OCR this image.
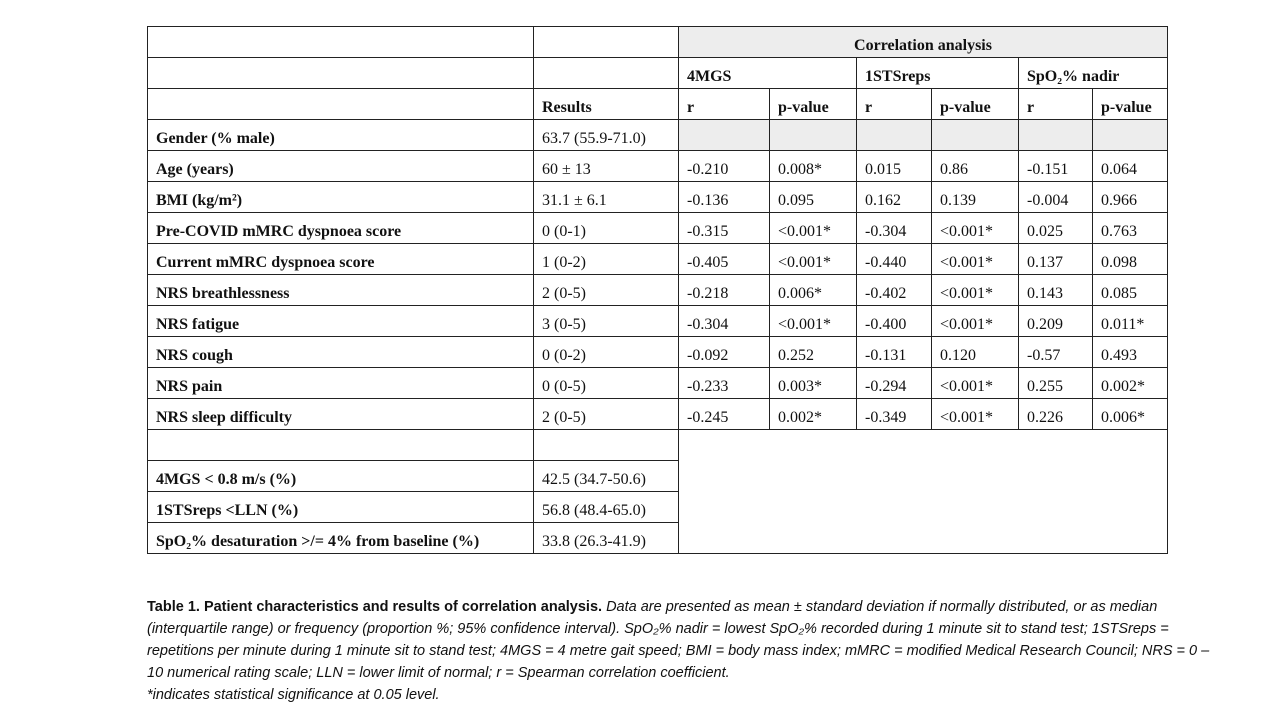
		Correlation analysis					
		4MGS		1STSreps		SpO₂% nadir	
	Results	r	p-value	r	p-value	r	p-value
Gender (% male)	63.7 (55.9-71.0)						
Age (years)	60 ± 13	-0.210	0.008*	0.015	0.86	-0.151	0.064
BMI (kg/m²)	31.1 ± 6.1	-0.136	0.095	0.162	0.139	-0.004	0.966
Pre-COVID mMRC dyspnoea score	0 (0-1)	-0.315	<0.001*	-0.304	<0.001*	0.025	0.763
Current mMRC dyspnoea score	1 (0-2)	-0.405	<0.001*	-0.440	<0.001*	0.137	0.098
NRS breathlessness	2 (0-5)	-0.218	0.006*	-0.402	<0.001*	0.143	0.085
NRS fatigue	3 (0-5)	-0.304	<0.001*	-0.400	<0.001*	0.209	0.011*
NRS cough	0 (0-2)	-0.092	0.252	-0.131	0.120	-0.57	0.493
NRS pain	0 (0-5)	-0.233	0.003*	-0.294	<0.001*	0.255	0.002*
NRS sleep difficulty	2 (0-5)	-0.245	0.002*	-0.349	<0.001*	0.226	0.006*

4MGS < 0.8 m/s (%)	42.5 (34.7-50.6)						
1STSreps <LLN (%)	56.8 (48.4-65.0)						
SpO₂% desaturation >/= 4% from baseline (%)	33.8 (26.3-41.9)						
Table 1. Patient characteristics and results of correlation analysis. Data are presented as mean ± standard deviation if normally distributed, or as median (interquartile range) or frequency (proportion %; 95% confidence interval). SpO₂% nadir = lowest SpO₂% recorded during 1 minute sit to stand test; 1STSreps = repetitions per minute during 1 minute sit to stand test; 4MGS = 4 metre gait speed; BMI = body mass index; mMRC = modified Medical Research Council; NRS = 0 – 10 numerical rating scale; LLN = lower limit of normal; r = Spearman correlation coefficient.
*indicates statistical significance at 0.05 level.
